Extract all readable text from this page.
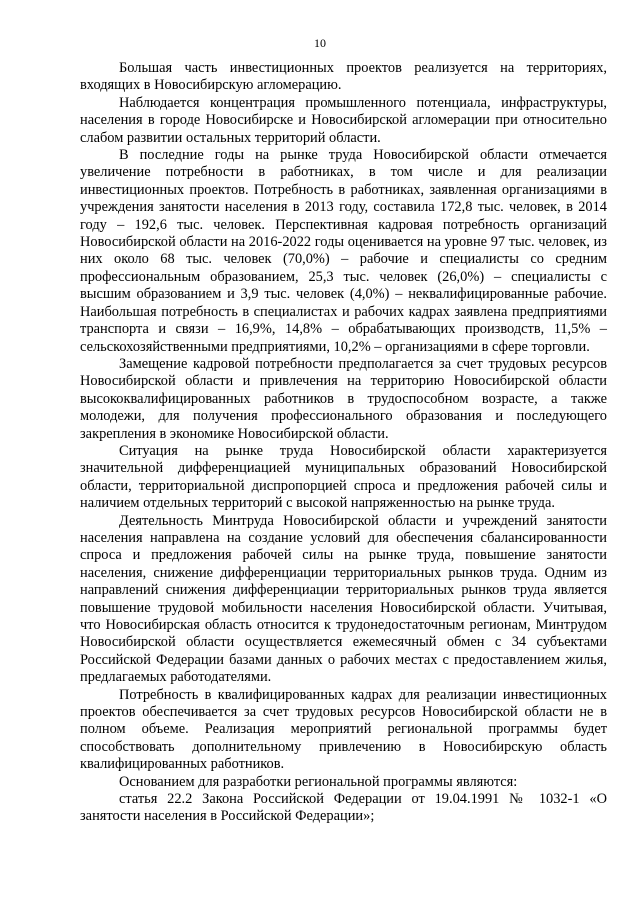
10

Большая часть инвестиционных проектов реализуется на территориях, входящих в Новосибирскую агломерацию.

Наблюдается концентрация промышленного потенциала, инфраструктуры, населения в городе Новосибирске и Новосибирской агломерации при относительно слабом развитии остальных территорий области.

В последние годы на рынке труда Новосибирской области отмечается увеличение потребности в работниках, в том числе и для реализации инвестиционных проектов. Потребность в работниках, заявленная организациями в учреждения занятости населения в 2013 году, составила 172,8 тыс. человек, в 2014 году – 192,6 тыс. человек. Перспективная кадровая потребность организаций Новосибирской области на 2016-2022 годы оценивается на уровне 97 тыс. человек, из них около 68 тыс. человек (70,0%) – рабочие и специалисты со средним профессиональным образованием, 25,3 тыс. человек (26,0%) – специалисты с высшим образованием и 3,9 тыс. человек (4,0%) – неквалифицированные рабочие. Наибольшая потребность в специалистах и рабочих кадрах заявлена предприятиями транспорта и связи – 16,9%, 14,8% – обрабатывающих производств, 11,5% – сельскохозяйственными предприятиями, 10,2% – организациями в сфере торговли.

Замещение кадровой потребности предполагается за счет трудовых ресурсов Новосибирской области и привлечения на территорию Новосибирской области высококвалифицированных работников в трудоспособном возрасте, а также молодежи, для получения профессионального образования и последующего закрепления в экономике Новосибирской области.

Ситуация на рынке труда Новосибирской области характеризуется значительной дифференциацией муниципальных образований Новосибирской области, территориальной диспропорцией спроса и предложения рабочей силы и наличием отдельных территорий с высокой напряженностью на рынке труда.

Деятельность Минтруда Новосибирской области и учреждений занятости населения направлена на создание условий для обеспечения сбалансированности спроса и предложения рабочей силы на рынке труда, повышение занятости населения, снижение дифференциации территориальных рынков труда. Одним из направлений снижения дифференциации территориальных рынков труда является повышение трудовой мобильности населения Новосибирской области. Учитывая, что Новосибирская область относится к трудонедостаточным регионам, Минтрудом Новосибирской области осуществляется ежемесячный обмен с 34 субъектами Российской Федерации базами данных о рабочих местах с предоставлением жилья, предлагаемых работодателями.

Потребность в квалифицированных кадрах для реализации инвестиционных проектов обеспечивается за счет трудовых ресурсов Новосибирской области не в полном объеме. Реализация мероприятий региональной программы будет способствовать дополнительному привлечению в Новосибирскую область квалифицированных работников.

Основанием для разработки региональной программы являются:

статья 22.2 Закона Российской Федерации от 19.04.1991 № 1032-1 «О занятости населения в Российской Федерации»;
